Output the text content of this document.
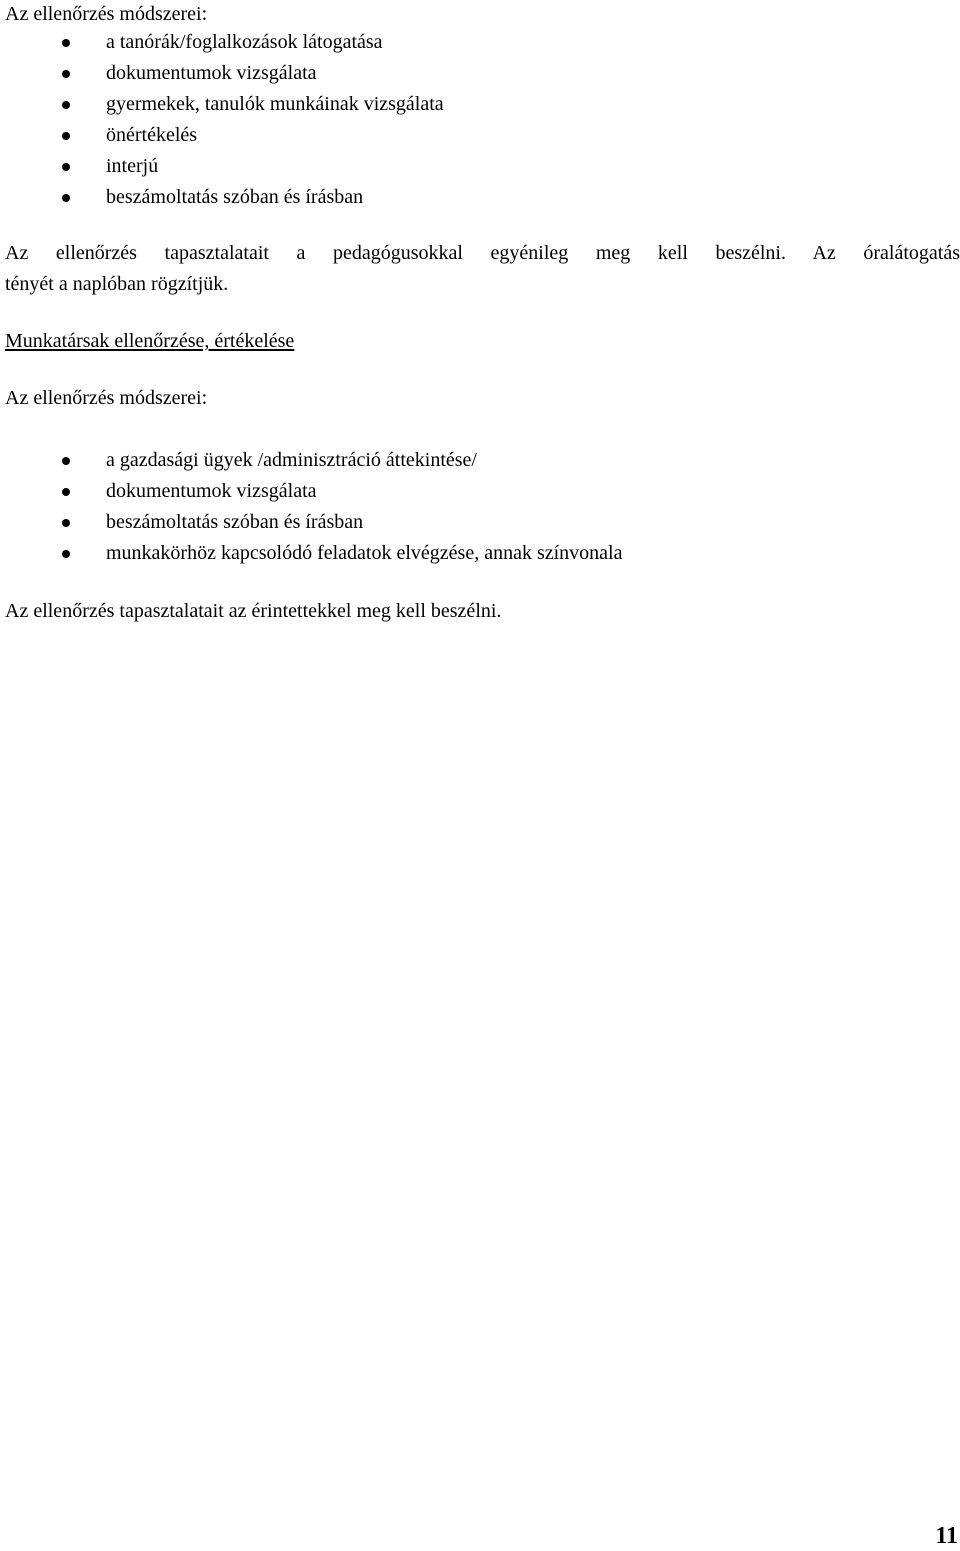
Az ellenőrzés módszerei:
a tanórák/foglalkozások látogatása
dokumentumok vizsgálata
gyermekek, tanulók munkáinak vizsgálata
önértékelés
interjú
beszámoltatás szóban és írásban
Az ellenőrzés tapasztalatait a pedagógusokkal egyénileg meg kell beszélni. Az óralátogatás
tényét a naplóban rögzítjük.
Munkatársak ellenőrzése, értékelése
Az ellenőrzés módszerei:
a gazdasági ügyek /adminisztráció áttekintése/
dokumentumok vizsgálata
beszámoltatás szóban és írásban
munkakörhöz kapcsolódó feladatok elvégzése, annak színvonala
Az ellenőrzés tapasztalatait az érintettekkel meg kell beszélni.
11
